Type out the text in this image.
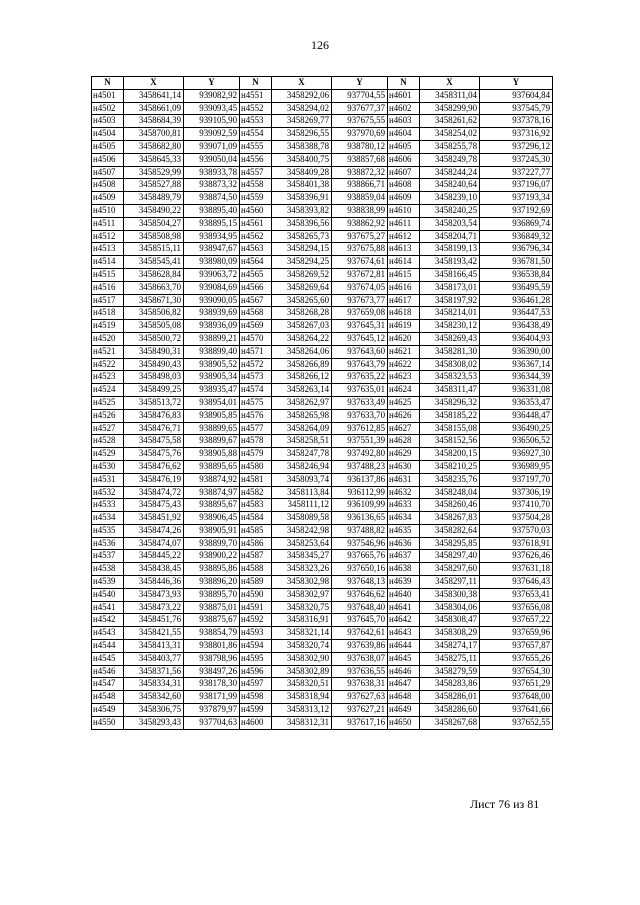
126
N	X	Y	N	X	Y	N	X	Y
н4501	3458641,14	939082,92	н4551	3458292,06	937704,55	н4601	3458311,04	937604,84
н4502	3458661,09	939093,45	н4552	3458294,02	937677,37	н4602	3458299,90	937545,79
н4503	3458684,39	939105,90	н4553	3458269,77	937675,55	н4603	3458261,62	937378,16
н4504	3458700,81	939092,59	н4554	3458296,55	937970,69	н4604	3458254,02	937316,92
н4505	3458682,80	939071,09	н4555	3458388,78	938780,12	н4605	3458255,78	937296,12
н4506	3458645,33	939050,04	н4556	3458400,75	938857,68	н4606	3458249,78	937245,30
н4507	3458529,99	938933,78	н4557	3458409,28	938872,32	н4607	3458244,24	937227,77
н4508	3458527,88	938873,32	н4558	3458401,38	938866,71	н4608	3458240,64	937196,07
н4509	3458489,79	938874,50	н4559	3458396,91	938859,04	н4609	3458239,10	937193,34
н4510	3458490,22	938895,40	н4560	3458393,82	938838,99	н4610	3458240,25	937192,69
н4511	3458504,27	938895,15	н4561	3458396,56	938862,92	н4611	3458203,54	936869,74
н4512	3458508,98	938934,95	н4562	3458265,73	937675,27	н4612	3458204,71	936849,32
н4513	3458515,11	938947,67	н4563	3458294,15	937675,88	н4613	3458199,13	936796,34
н4514	3458545,41	938980,09	н4564	3458294,25	937674,61	н4614	3458193,42	936781,50
н4515	3458628,84	939063,72	н4565	3458269,52	937672,81	н4615	3458166,45	936538,84
н4516	3458663,70	939084,69	н4566	3458269,64	937674,05	н4616	3458173,01	936495,59
н4517	3458671,30	939090,05	н4567	3458265,60	937673,77	н4617	3458197,92	936461,28
н4518	3458506,82	938939,69	н4568	3458268,28	937659,08	н4618	3458214,01	936447,53
н4519	3458505,08	938936,09	н4569	3458267,03	937645,31	н4619	3458230,12	936438,49
н4520	3458500,72	938899,21	н4570	3458264,22	937645,12	н4620	3458269,43	936404,93
н4521	3458490,31	938899,40	н4571	3458264,06	937643,60	н4621	3458281,30	936390,00
н4522	3458490,43	938905,52	н4572	3458266,89	937643,79	н4622	3458308,02	936367,14
н4523	3458498,03	938905,34	н4573	3458266,12	937635,22	н4623	3458323,53	936344,39
н4524	3458499,25	938935,47	н4574	3458263,14	937635,01	н4624	3458311,47	936331,08
н4525	3458513,72	938954,01	н4575	3458262,97	937633,49	н4625	3458296,32	936353,47
н4526	3458476,83	938905,85	н4576	3458265,98	937633,70	н4626	3458185,22	936448,47
н4527	3458476,71	938899,65	н4577	3458264,09	937612,85	н4627	3458155,08	936490,25
н4528	3458475,58	938899,67	н4578	3458258,51	937551,39	н4628	3458152,56	936506,52
н4529	3458475,76	938905,88	н4579	3458247,78	937492,80	н4629	3458200,15	936927,30
н4530	3458476,62	938895,65	н4580	3458246,94	937488,23	н4630	3458210,25	936989,95
н4531	3458476,19	938874,92	н4581	3458093,74	936137,86	н4631	3458235,76	937197,70
н4532	3458474,72	938874,97	н4582	3458113,84	936112,99	н4632	3458248,04	937306,19
н4533	3458475,43	938895,67	н4583	3458111,12	936109,99	н4633	3458260,46	937410,70
н4534	3458451,92	938906,45	н4584	3458089,58	936136,65	н4634	3458267,83	937504,28
н4535	3458474,26	938905,91	н4585	3458242,98	937488,82	н4635	3458282,64	937570,03
н4536	3458474,07	938899,70	н4586	3458253,64	937546,96	н4636	3458295,85	937618,91
н4537	3458445,22	938900,22	н4587	3458345,27	937665,76	н4637	3458297,40	937626,46
н4538	3458438,45	938895,86	н4588	3458323,26	937650,16	н4638	3458297,60	937631,18
н4539	3458446,36	938896,20	н4589	3458302,98	937648,13	н4639	3458297,11	937646,43
н4540	3458473,93	938895,70	н4590	3458302,97	937646,62	н4640	3458300,38	937653,41
н4541	3458473,22	938875,01	н4591	3458320,75	937648,40	н4641	3458304,06	937656,08
н4542	3458451,76	938875,67	н4592	3458316,91	937645,70	н4642	3458308,47	937657,22
н4543	3458421,55	938854,79	н4593	3458321,14	937642,61	н4643	3458308,29	937659,96
н4544	3458413,31	938801,86	н4594	3458320,74	937639,86	н4644	3458274,17	937657,87
н4545	3458403,77	938798,96	н4595	3458302,90	937638,07	н4645	3458275,11	937655,26
н4546	3458371,56	938497,26	н4596	3458302,89	937636,55	н4646	3458279,59	937654,30
н4547	3458334,31	938178,30	н4597	3458320,51	937638,31	н4647	3458283,86	937651,29
н4548	3458342,60	938171,99	н4598	3458318,94	937627,63	н4648	3458286,01	937648,00
н4549	3458306,75	937879,97	н4599	3458313,12	937627,21	н4649	3458286,60	937641,66
н4550	3458293,43	937704,63	н4600	3458312,31	937617,16	н4650	3458267,68	937652,55
Лист 76 из 81
